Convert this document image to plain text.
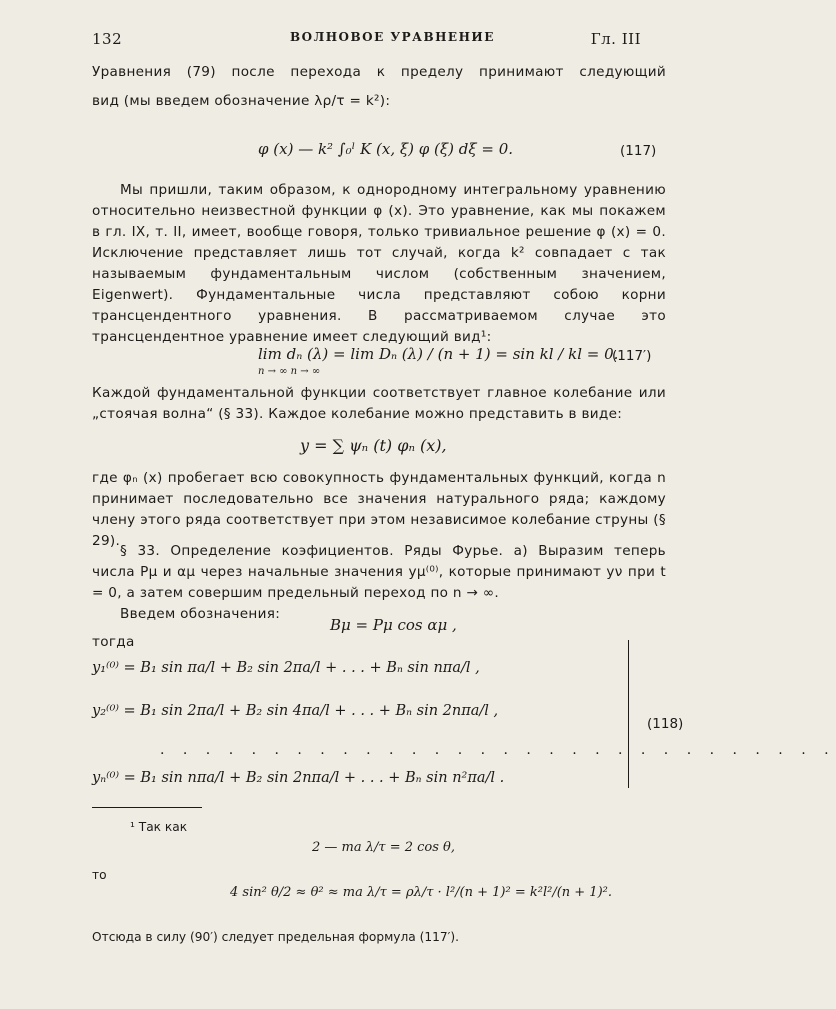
132	ВОЛНОВОЕ УРАВНЕНИЕ	Гл. III

Уравнения (79) после перехода к пределу принимают следующий

вид (мы введем обозначение λρ/τ = k²):

φ (x) — k² ∫₀ˡ K (x, ξ) φ (ξ) dξ = 0.	(117)

Мы пришли, таким образом, к однородному интегральному уравнению относительно неизвестной функции φ (x). Это уравнение, как мы покажем в гл. IX, т. II, имеет, вообще говоря, только тривиальное решение φ (x) = 0. Исключение представляет лишь тот случай, когда k² совпадает с так называемым фундаментальным числом (собственным значением, Eigenwert). Фундаментальные числа представляют собою корни трансцендентного уравнения. В рассматриваемом случае это трансцендентное уравнение имеет следующий вид¹:

lim dₙ (λ) = lim Dₙ (λ) / (n + 1) = sin kl / kl = 0.
n → ∞ n → ∞
(117′)

Каждой фундаментальной функции соответствует главное колебание или „стоячая волна“ (§ 33). Каждое колебание можно представить в виде:

y = ∑ ψₙ (t) φₙ (x),

где φₙ (x) пробегает всю совокупность фундаментальных функций, когда n принимает последовательно все значения натурального ряда; каждому члену этого ряда соответствует при этом независимое колебание струны (§ 29).

§ 33. Определение коэфициентов. Ряды Фурье. а) Выразим теперь числа Pμ и αμ через начальные значения yμ⁽⁰⁾, которые принимают yν при t = 0, а затем совершим предельный переход по n → ∞.

Введем обозначения:

Bμ = Pμ cos αμ ,
тогда
y₁⁽⁰⁾ = B₁ sin πa/l + B₂ sin 2πa/l + . . . + Bₙ sin nπa/l ,
y₂⁽⁰⁾ = B₁ sin 2πa/l + B₂ sin 4πa/l + . . . + Bₙ sin 2nπa/l ,
. . . . . . . . . . . . . . . . . . . . . . . . . . . . . .
yₙ⁽⁰⁾ = B₁ sin nπa/l + B₂ sin 2nπa/l + . . . + Bₙ sin n²πa/l .
(118)
¹ Так как
2 — ma λ/τ = 2 cos θ,
то
4 sin² θ/2 ≈ θ² ≈ ma λ/τ = ρλ/τ · l²/(n + 1)² = k²l²/(n + 1)².
Отсюда в силу (90′) следует предельная формула (117′).
